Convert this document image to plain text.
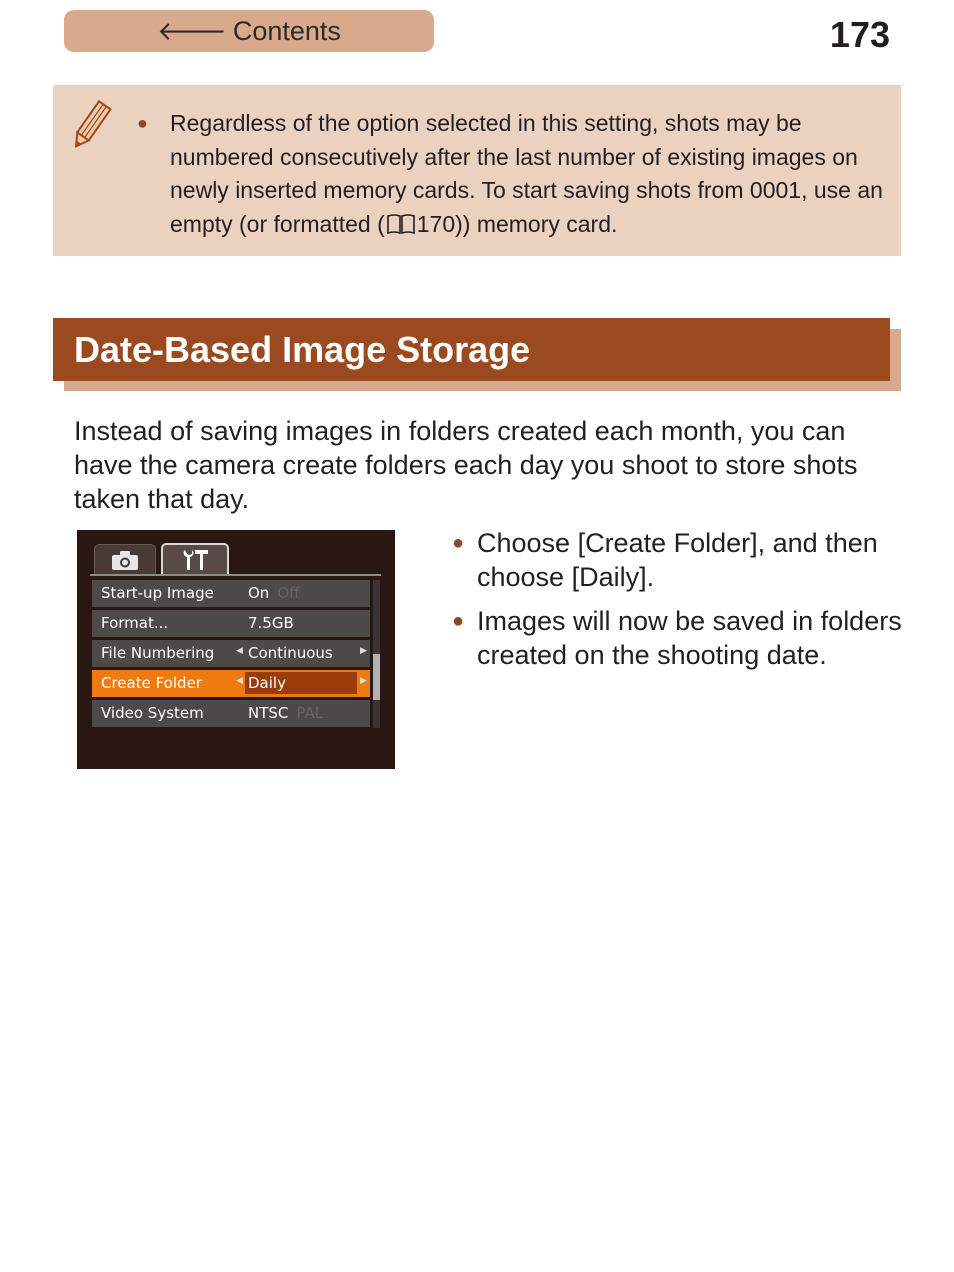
🡐 Contents	173
● Regardless of the option selected in this setting, shots may be numbered consecutively after the last number of existing images on newly inserted memory cards. To start saving shots from 0001, use an empty (or formatted ( 170)) memory card.
Date-Based Image Storage
Instead of saving images in folders created each month, you can have the camera create folders each day you shoot to store shots taken that day.
Start-up Image On Off
Format...	7.5GB
File Numbering ◀ Continuous	▶
Create Folder	◀ Daily	▶
Video System	NTSC PAL
● Choose [Create Folder], and then choose [Daily].
● Images will now be saved in folders created on the shooting date.
